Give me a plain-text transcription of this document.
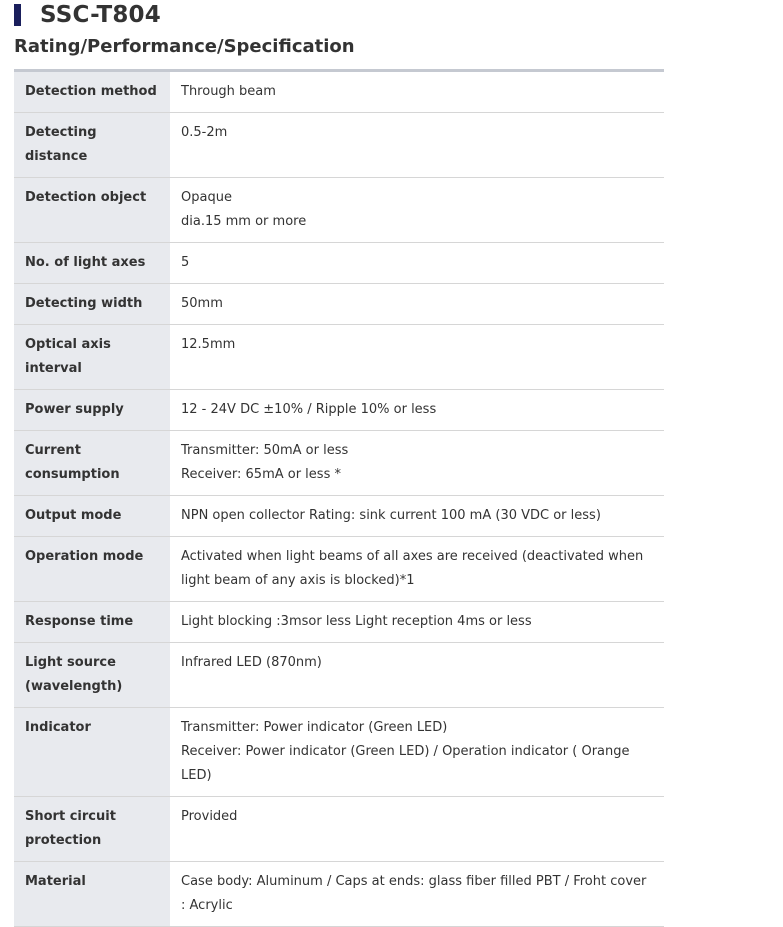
SSC-T804
Rating/Performance/Specification
Detection method	Through beam

Detecting distance	0.5-2m

Detection object	Opaque
dia.15 mm or more

No. of light axes	5

Detecting width	50mm

Optical axis interval	12.5mm

Power supply	12 - 24V DC ±10% / Ripple 10% or less

Current consumption	Transmitter: 50mA or less
Receiver: 65mA or less *

Output mode	NPN open collector Rating: sink current 100 mA (30 VDC or less)

Operation mode	Activated when light beams of all axes are received (deactivated when light beam of any axis is blocked)*1

Response time	Light blocking :3msor less Light reception 4ms or less

Light source (wavelength)	Infrared LED (870nm)

Indicator	Transmitter: Power indicator (Green LED)
Receiver: Power indicator (Green LED) / Operation indicator ( Orange LED)

Short circuit protection	Provided

Material	Case body: Aluminum / Caps at ends: glass fiber filled PBT / Froht cover : Acrylic
